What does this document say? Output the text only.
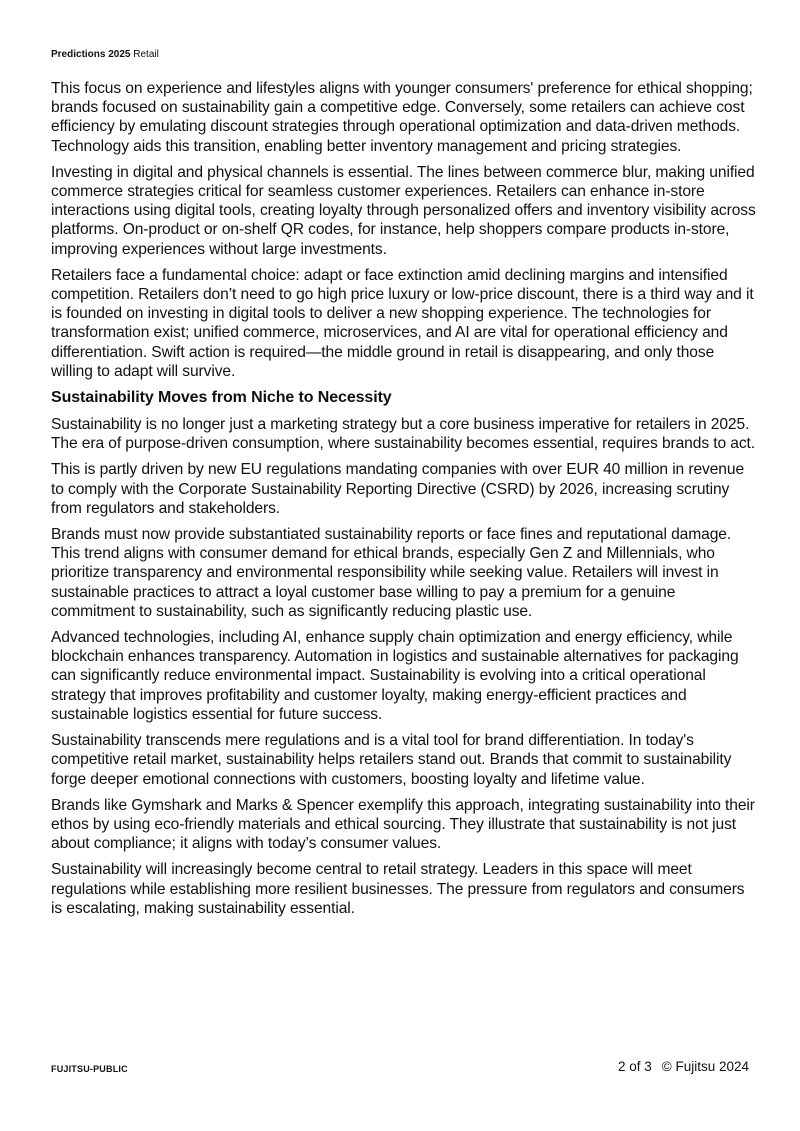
Predictions 2025 Retail

This focus on experience and lifestyles aligns with younger consumers' preference for ethical shopping; brands focused on sustainability gain a competitive edge. Conversely, some retailers can achieve cost efficiency by emulating discount strategies through operational optimization and data-driven methods. Technology aids this transition, enabling better inventory management and pricing strategies.

Investing in digital and physical channels is essential. The lines between commerce blur, making unified commerce strategies critical for seamless customer experiences. Retailers can enhance in-store interactions using digital tools, creating loyalty through personalized offers and inventory visibility across platforms. On-product or on-shelf QR codes, for instance, help shoppers compare products in-store, improving experiences without large investments.

Retailers face a fundamental choice: adapt or face extinction amid declining margins and intensified competition. Retailers don’t need to go high price luxury or low-price discount, there is a third way and it is founded on investing in digital tools to deliver a new shopping experience. The technologies for transformation exist; unified commerce, microservices, and AI are vital for operational efficiency and differentiation. Swift action is required—the middle ground in retail is disappearing, and only those willing to adapt will survive.

Sustainability Moves from Niche to Necessity

Sustainability is no longer just a marketing strategy but a core business imperative for retailers in 2025. The era of purpose-driven consumption, where sustainability becomes essential, requires brands to act.

This is partly driven by new EU regulations mandating companies with over EUR 40 million in revenue to comply with the Corporate Sustainability Reporting Directive (CSRD) by 2026, increasing scrutiny from regulators and stakeholders.

Brands must now provide substantiated sustainability reports or face fines and reputational damage. This trend aligns with consumer demand for ethical brands, especially Gen Z and Millennials, who prioritize transparency and environmental responsibility while seeking value. Retailers will invest in sustainable practices to attract a loyal customer base willing to pay a premium for a genuine commitment to sustainability, such as significantly reducing plastic use.

Advanced technologies, including AI, enhance supply chain optimization and energy efficiency, while blockchain enhances transparency. Automation in logistics and sustainable alternatives for packaging can significantly reduce environmental impact. Sustainability is evolving into a critical operational strategy that improves profitability and customer loyalty, making energy-efficient practices and sustainable logistics essential for future success.

Sustainability transcends mere regulations and is a vital tool for brand differentiation. In today's competitive retail market, sustainability helps retailers stand out. Brands that commit to sustainability forge deeper emotional connections with customers, boosting loyalty and lifetime value.

Brands like Gymshark and Marks & Spencer exemplify this approach, integrating sustainability into their ethos by using eco-friendly materials and ethical sourcing. They illustrate that sustainability is not just about compliance; it aligns with today’s consumer values.

Sustainability will increasingly become central to retail strategy. Leaders in this space will meet regulations while establishing more resilient businesses. The pressure from regulators and consumers is escalating, making sustainability essential.

FUJITSU-PUBLIC	2 of 3 © Fujitsu 2024
